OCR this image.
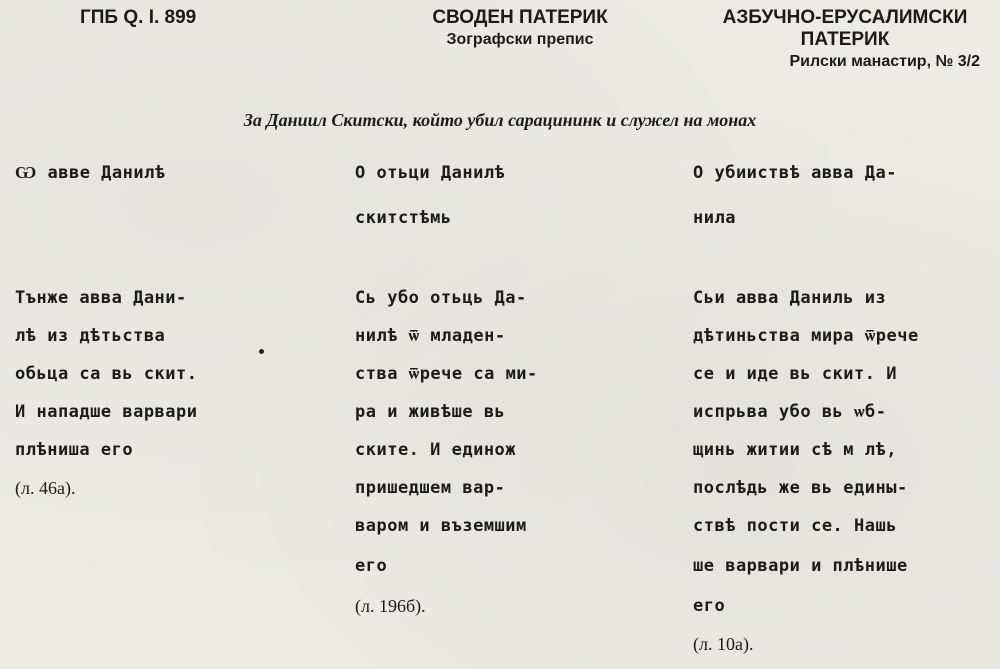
ГПБ Q. I. 899	СВОДЕН ПАТЕРИК
Зографски препис
АЗБУЧНО-ЕРУСАЛИМСКИ
ПАТЕРИК
Рилски манастир, № 3/2
За Даниил Скитски, който убил сарацининк и служел на монах
Ѡ авве Данилѣ
Тънже авва Дани-
лѣ из дѣтьства
обьца са вь скит.
И нападше варвари
плѣниша его
(л. 46а).
О отьци Данилѣ
скитстѣмь
Сь убо отьць Да-
нилѣ ѿ младен-
ства ѿрече са ми-
ра и живѣше вь
ските. И единож
пришедшем вар-
варом и въземшим
его
(л. 196б).
О убииствѣ авва Да-
нила
Сьи авва Даниль из
дѣтиньства мира ѿрече
се и иде вь скит. И
испрьва убо вь ѡб-
щинь житии сѣ м лѣ,
послѣдь же вь едины-
ствѣ пости се. Нашь
ше варвари и плѣнише
его
(л. 10а).
